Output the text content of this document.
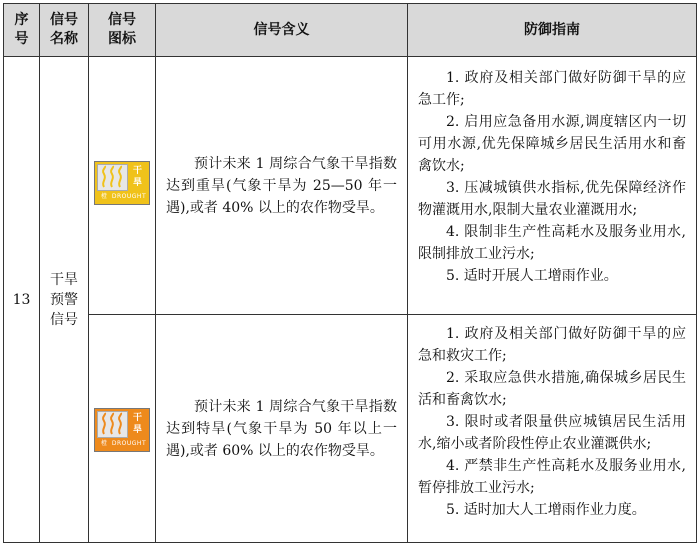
序
号
信号
名称
信号
图标
信号含义	防御指南
13
干旱
预警
信号
干
旱
橙 DROUGHT
预计未来 1 周综合气象干旱指数达到重旱(气象干旱为 25—50 年一遇),或者 40% 以上的农作物受旱。

1. 政府及相关部门做好防御干旱的应急工作;

2. 启用应急备用水源,调度辖区内一切可用水源,优先保障城乡居民生活用水和畜禽饮水;

3. 压减城镇供水指标,优先保障经济作物灌溉用水,限制大量农业灌溉用水;

4. 限制非生产性高耗水及服务业用水,限制排放工业污水;

5. 适时开展人工增雨作业。

干
旱
橙 DROUGHT
预计未来 1 周综合气象干旱指数达到特旱(气象干旱为 50 年以上一遇),或者 60% 以上的农作物受旱。

1. 政府及相关部门做好防御干旱的应急和救灾工作;

2. 采取应急供水措施,确保城乡居民生活和畜禽饮水;

3. 限时或者限量供应城镇居民生活用水,缩小或者阶段性停止农业灌溉供水;

4. 严禁非生产性高耗水及服务业用水,暂停排放工业污水;

5. 适时加大人工增雨作业力度。
